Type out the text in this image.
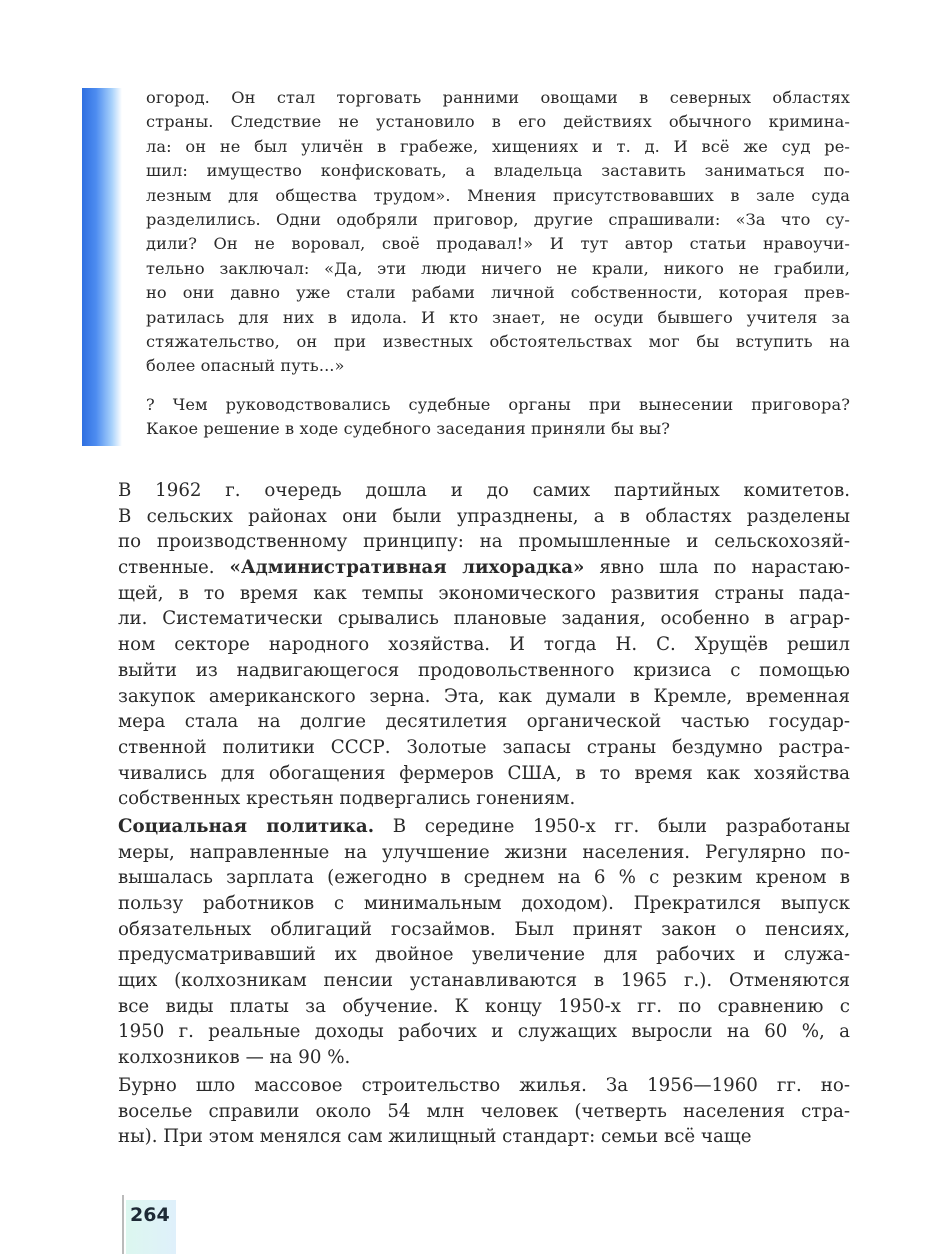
огород. Он стал торговать ранними овощами в северных областях
страны. Следствие не установило в его действиях обычного кримина-
ла: он не был уличён в грабеже, хищениях и т. д. И всё же суд ре-
шил: имущество конфисковать, а владельца заставить заниматься по-
лезным для общества трудом». Мнения присутствовавших в зале суда
разделились. Одни одобряли приговор, другие спрашивали: «За что су-
дили? Он не воровал, своё продавал!» И тут автор статьи нравоучи-
тельно заключал: «Да, эти люди ничего не крали, никого не грабили,
но они давно уже стали рабами личной собственности, которая прев-
ратилась для них в идола. И кто знает, не осуди бывшего учителя за
стяжательство, он при известных обстоятельствах мог бы вступить на
более опасный путь...»
? Чем руководствовались судебные органы при вынесении приговора?
Какое решение в ходе судебного заседания приняли бы вы?
В 1962 г. очередь дошла и до самих партийных комитетов.
В сельских районах они были упразднены, а в областях разделены
по производственному принципу: на промышленные и сельскохозяй-
ственные. «Административная лихорадка» явно шла по нарастаю-
щей, в то время как темпы экономического развития страны пада-
ли. Систематически срывались плановые задания, особенно в аграр-
ном секторе народного хозяйства. И тогда Н. С. Хрущёв решил
выйти из надвигающегося продовольственного кризиса с помощью
закупок американского зерна. Эта, как думали в Кремле, временная
мера стала на долгие десятилетия органической частью государ-
ственной политики СССР. Золотые запасы страны бездумно растра-
чивались для обогащения фермеров США, в то время как хозяйства
собственных крестьян подвергались гонениям.
Социальная политика. В середине 1950-х гг. были разработаны
меры, направленные на улучшение жизни населения. Регулярно по-
вышалась зарплата (ежегодно в среднем на 6 % с резким креном в
пользу работников с минимальным доходом). Прекратился выпуск
обязательных облигаций госзаймов. Был принят закон о пенсиях,
предусматривавший их двойное увеличение для рабочих и служа-
щих (колхозникам пенсии устанавливаются в 1965 г.). Отменяются
все виды платы за обучение. К концу 1950-х гг. по сравнению с
1950 г. реальные доходы рабочих и служащих выросли на 60 %, а
колхозников — на 90 %.
Бурно шло массовое строительство жилья. За 1956—1960 гг. но-
воселье справили около 54 млн человек (четверть населения стра-
ны). При этом менялся сам жилищный стандарт: семьи всё чаще
264
